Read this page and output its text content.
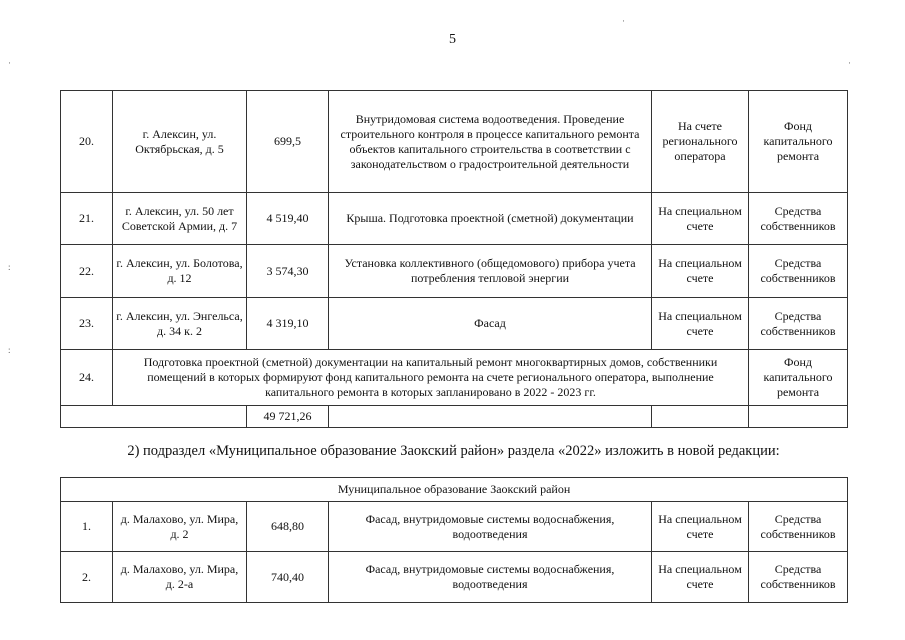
5
·
:
:
·
·
20.	г. Алексин, ул. Октябрьская, д. 5	699,5	Внутридомовая система водоотведения. Проведение строительного контроля в процессе капитального ремонта объектов капитального строительства в соответствии с законодательством о градостроительной деятельности	На счете регионального оператора	Фонд капитального ремонта
21.	г. Алексин, ул. 50 лет Советской Армии, д. 7	4 519,40	Крыша. Подготовка проектной (сметной) документации	На специальном счете	Средства собственников
22.	г. Алексин, ул. Болотова, д. 12	3 574,30	Установка коллективного (общедомового) прибора учета потребления тепловой энергии	На специальном счете	Средства собственников
23.	г. Алексин, ул. Энгельса, д. 34 к. 2	4 319,10	Фасад	На специальном счете	Средства собственников
24.	Подготовка проектной (сметной) документации на капитальный ремонт многоквартирных домов, собственники помещений в которых формируют фонд капитального ремонта на счете регионального оператора, выполнение капитального ремонта в которых запланировано в 2022 - 2023 гг.				Фонд капитального ремонта
		49 721,26			
2) подраздел «Муниципальное образование Заокский район» раздела «2022» изложить в новой редакции:
Муниципальное образование Заокский район					
1.	д. Малахово, ул. Мира, д. 2	648,80	Фасад, внутридомовые системы водоснабжения, водоотведения	На специальном счете	Средства собственников
2.	д. Малахово, ул. Мира, д. 2-а	740,40	Фасад, внутридомовые системы водоснабжения, водоотведения	На специальном счете	Средства собственников
